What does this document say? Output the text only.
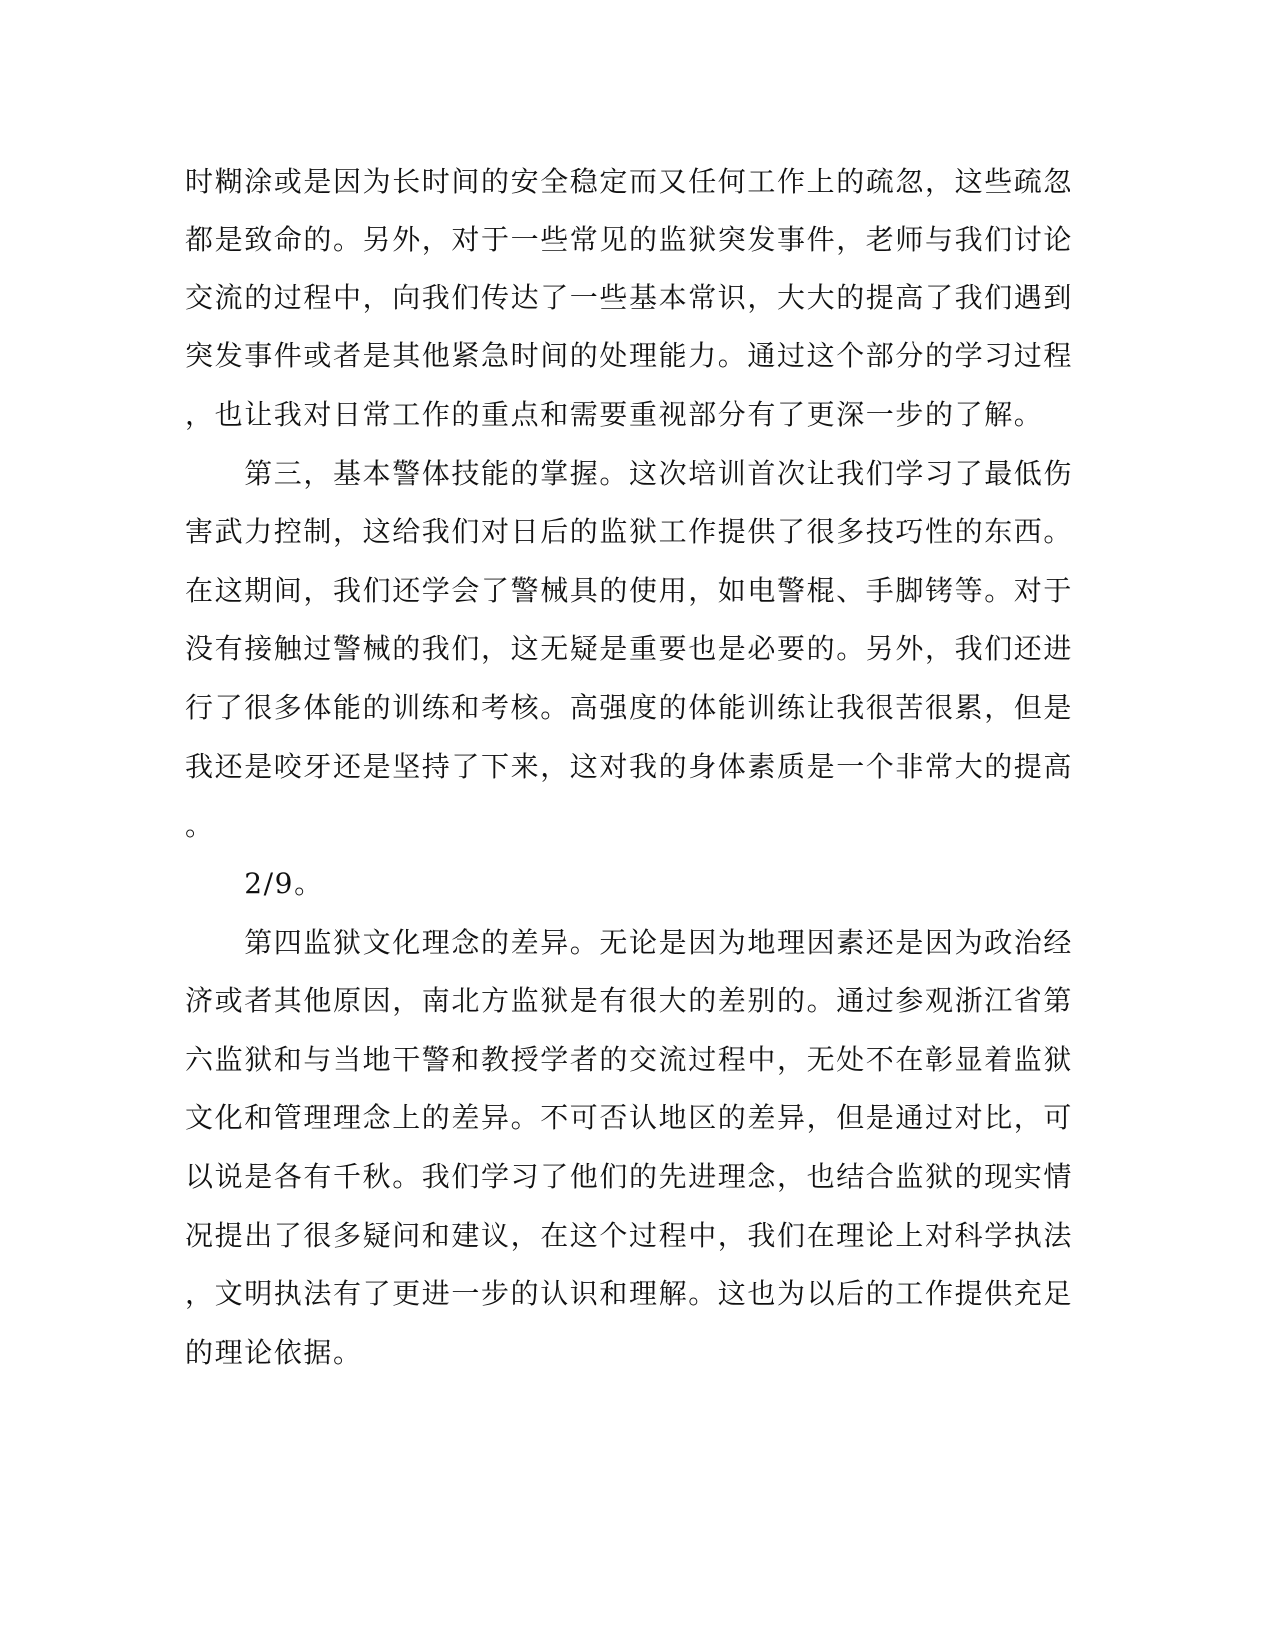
时糊涂或是因为长时间的安全稳定而又任何工作上的疏忽，这些疏忽
都是致命的。另外，对于一些常见的监狱突发事件，老师与我们讨论
交流的过程中，向我们传达了一些基本常识，大大的提高了我们遇到
突发事件或者是其他紧急时间的处理能力。通过这个部分的学习过程
，也让我对日常工作的重点和需要重视部分有了更深一步的了解。
　　第三，基本警体技能的掌握。这次培训首次让我们学习了最低伤
害武力控制，这给我们对日后的监狱工作提供了很多技巧性的东西。
在这期间，我们还学会了警械具的使用，如电警棍、手脚铐等。对于
没有接触过警械的我们，这无疑是重要也是必要的。另外，我们还进
行了很多体能的训练和考核。高强度的体能训练让我很苦很累，但是
我还是咬牙还是坚持了下来，这对我的身体素质是一个非常大的提高
。
　　2/9。
　　第四监狱文化理念的差异。无论是因为地理因素还是因为政治经
济或者其他原因，南北方监狱是有很大的差别的。通过参观浙江省第
六监狱和与当地干警和教授学者的交流过程中，无处不在彰显着监狱
文化和管理理念上的差异。不可否认地区的差异，但是通过对比，可
以说是各有千秋。我们学习了他们的先进理念，也结合监狱的现实情
况提出了很多疑问和建议，在这个过程中，我们在理论上对科学执法
，文明执法有了更进一步的认识和理解。这也为以后的工作提供充足
的理论依据。
